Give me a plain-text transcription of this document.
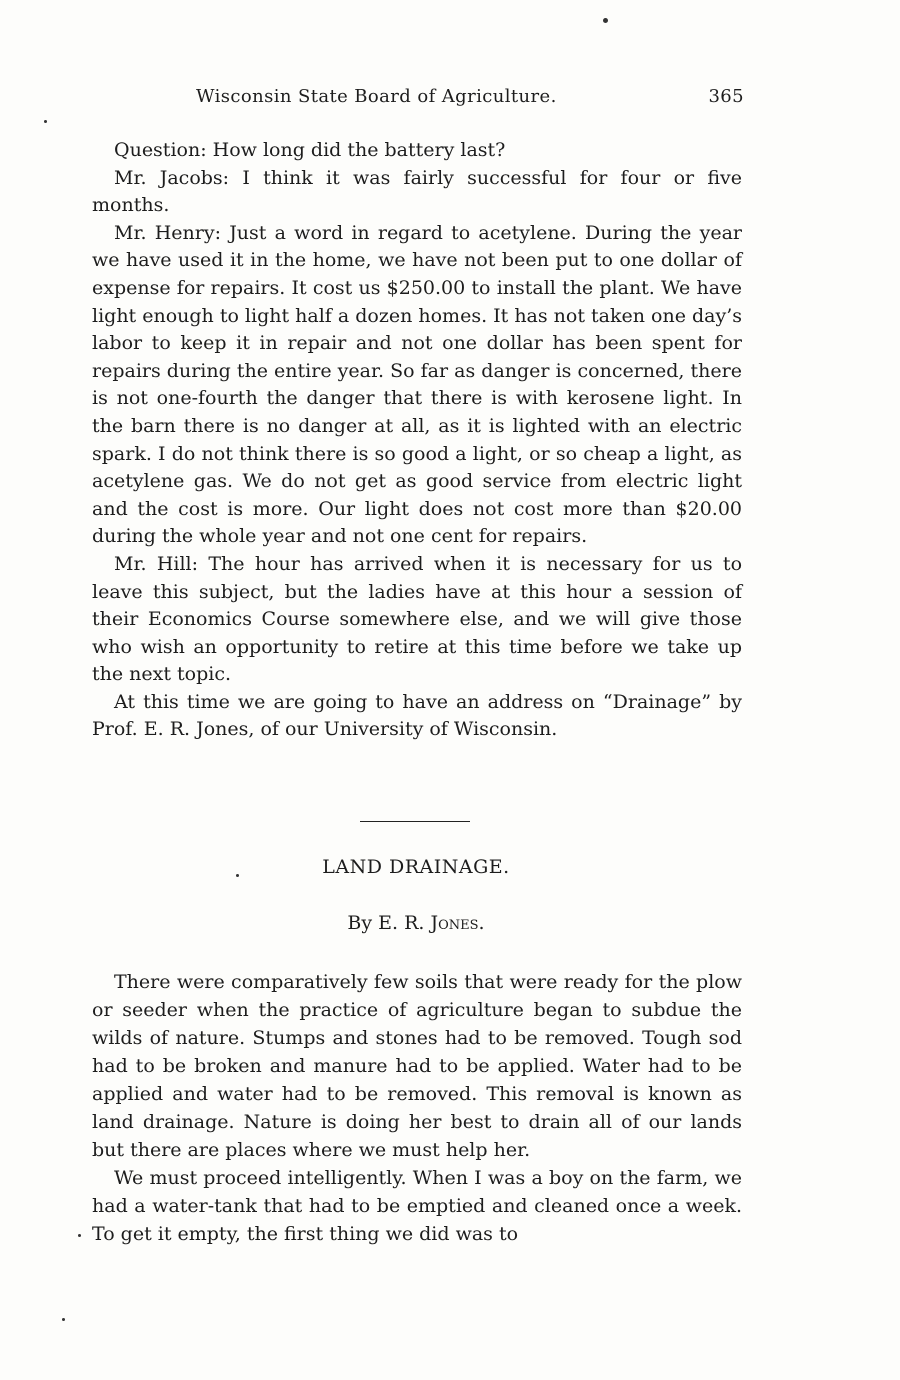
Wisconsin State Board of Agriculture.	365

Question: How long did the battery last?

Mr. Jacobs: I think it was fairly successful for four or five months.

Mr. Henry: Just a word in regard to acetylene. During the year we have used it in the home, we have not been put to one dollar of expense for repairs. It cost us $250.00 to install the plant. We have light enough to light half a dozen homes. It has not taken one day’s labor to keep it in repair and not one dollar has been spent for repairs during the entire year. So far as danger is concerned, there is not one-fourth the danger that there is with kerosene light. In the barn there is no danger at all, as it is lighted with an electric spark. I do not think there is so good a light, or so cheap a light, as acetylene gas. We do not get as good service from electric light and the cost is more. Our light does not cost more than $20.00 during the whole year and not one cent for repairs.

Mr. Hill: The hour has arrived when it is necessary for us to leave this subject, but the ladies have at this hour a session of their Economics Course somewhere else, and we will give those who wish an opportunity to retire at this time before we take up the next topic.

At this time we are going to have an address on “Drainage” by Prof. E. R. Jones, of our University of Wisconsin.

LAND DRAINAGE.
By E. R. Jones.

There were comparatively few soils that were ready for the plow or seeder when the practice of agriculture began to subdue the wilds of nature. Stumps and stones had to be removed. Tough sod had to be broken and manure had to be applied. Water had to be applied and water had to be removed. This removal is known as land drainage. Nature is doing her best to drain all of our lands but there are places where we must help her.

We must proceed intelligently. When I was a boy on the farm, we had a water-tank that had to be emptied and cleaned once a week. To get it empty, the first thing we did was to
